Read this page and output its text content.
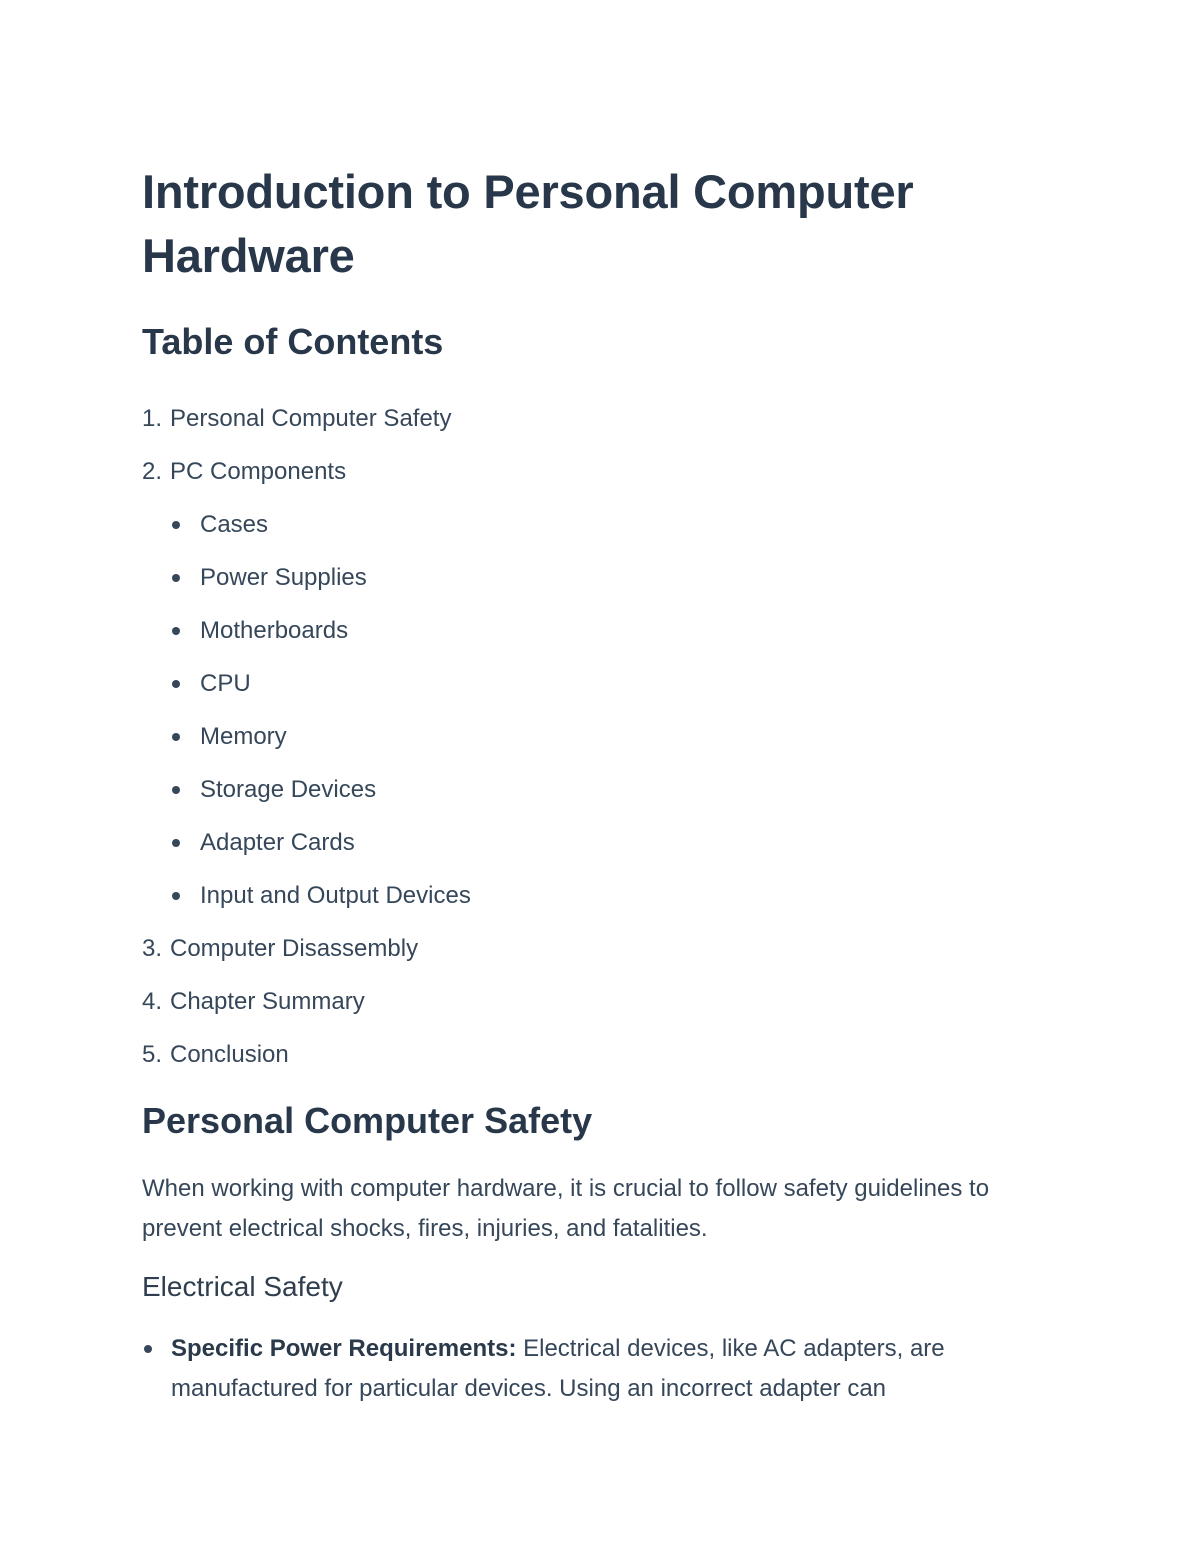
Introduction to Personal Computer Hardware
Table of Contents
1. Personal Computer Safety
2. PC Components
Cases
Power Supplies
Motherboards
CPU
Memory
Storage Devices
Adapter Cards
Input and Output Devices
3. Computer Disassembly
4. Chapter Summary
5. Conclusion
Personal Computer Safety

When working with computer hardware, it is crucial to follow safety guidelines to prevent electrical shocks, fires, injuries, and fatalities.

Electrical Safety
Specific Power Requirements: Electrical devices, like AC adapters, are manufactured for particular devices. Using an incorrect adapter can
